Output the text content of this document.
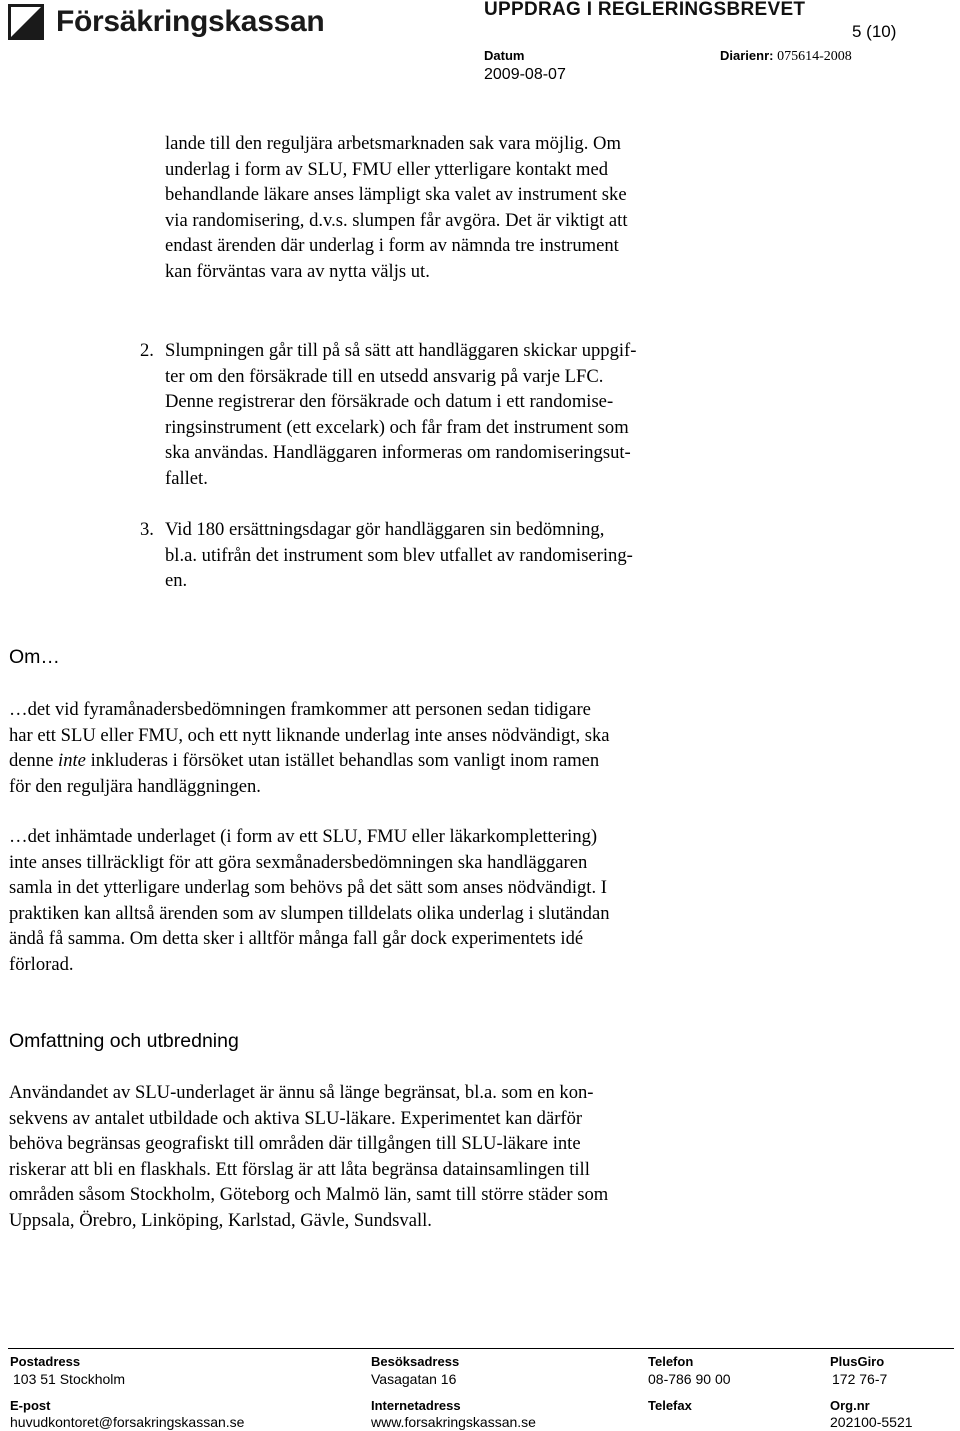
Försäkringskassan	UPPDRAG I REGLERINGSBREVET
5 (10)
Datum
2009-08-07
Diarienr: 075614-2008
lande till den reguljära arbetsmarknaden sak vara möjlig. Om
underlag i form av SLU, FMU eller ytterligare kontakt med
behandlande läkare anses lämpligt ska valet av instrument ske
via randomisering, d.v.s. slumpen får avgöra. Det är viktigt att
endast ärenden där underlag i form av nämnda tre instrument
kan förväntas vara av nytta väljs ut.
2. Slumpningen går till på så sätt att handläggaren skickar uppgif-
ter om den försäkrade till en utsedd ansvarig på varje LFC.
Denne registrerar den försäkrade och datum i ett randomise-
ringsinstrument (ett excelark) och får fram det instrument som
ska användas. Handläggaren informeras om randomiseringsut-
fallet.
3. Vid 180 ersättningsdagar gör handläggaren sin bedömning,
bl.a. utifrån det instrument som blev utfallet av randomisering-
en.
Om…
…det vid fyramånadersbedömningen framkommer att personen sedan tidigare
har ett SLU eller FMU, och ett nytt liknande underlag inte anses nödvändigt, ska
denne inte inkluderas i försöket utan istället behandlas som vanligt inom ramen
för den reguljära handläggningen.
…det inhämtade underlaget (i form av ett SLU, FMU eller läkarkomplettering)
inte anses tillräckligt för att göra sexmånadersbedömningen ska handläggaren
samla in det ytterligare underlag som behövs på det sätt som anses nödvändigt. I
praktiken kan alltså ärenden som av slumpen tilldelats olika underlag i slutändan
ändå få samma. Om detta sker i alltför många fall går dock experimentets idé
förlorad.
Omfattning och utbredning
Användandet av SLU-underlaget är ännu så länge begränsat, bl.a. som en kon-
sekvens av antalet utbildade och aktiva SLU-läkare. Experimentet kan därför
behöva begränsas geografiskt till områden där tillgången till SLU-läkare inte
riskerar att bli en flaskhals. Ett förslag är att låta begränsa datainsamlingen till
områden såsom Stockholm, Göteborg och Malmö län, samt till större städer som
Uppsala, Örebro, Linköping, Karlstad, Gävle, Sundsvall.
Postadress
103 51 Stockholm
Besöksadress
Vasagatan 16
Telefon
08-786 90 00
PlusGiro
172 76-7
E-post
huvudkontoret@forsakringskassan.se
Internetadress
www.forsakringskassan.se
Telefax	Org.nr
202100-5521
